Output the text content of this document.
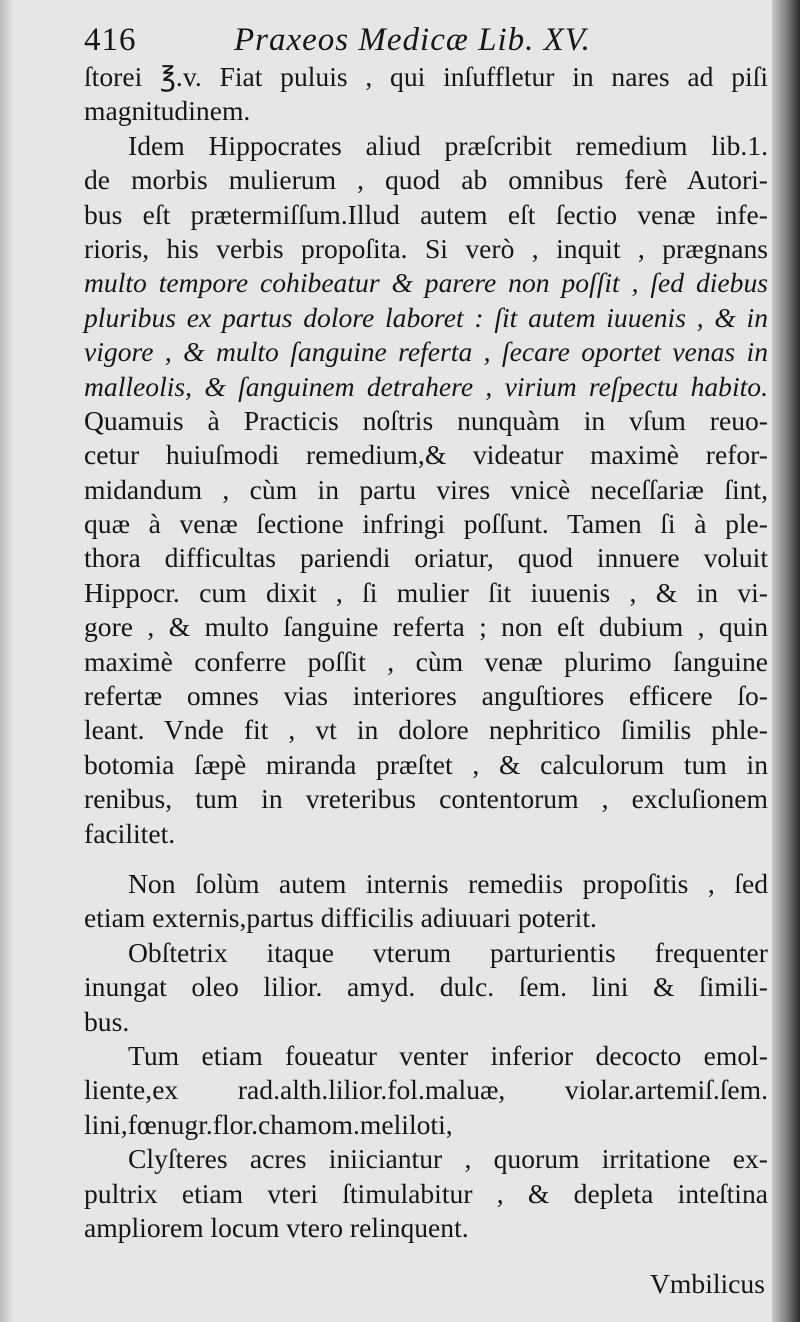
416	Praxeos Medicæ Lib. XV.
ſtorei ℥.v. Fiat puluis , qui inſuffletur in nares ad piſi
magnitudinem.
Idem Hippocrates aliud præſcribit remedium lib.1.
de morbis mulierum , quod ab omnibus ferè Autori-
bus eſt prætermiſſum.Illud autem eſt ſectio venæ infe-
rioris, his verbis propoſita. Si verò , inquit , prægnans
multo tempore cohibeatur & parere non poſſit , ſed diebus
pluribus ex partus dolore laboret : ſit autem iuuenis , & in
vigore , & multo ſanguine referta , ſecare oportet venas in
malleolis, & ſanguinem detrahere , virium reſpectu habito.
Quamuis à Practicis noſtris nunquàm in vſum reuo-
cetur huiuſmodi remedium,& videatur maximè refor-
midandum , cùm in partu vires vnicè neceſſariæ ſint,
quæ à venæ ſectione infringi poſſunt. Tamen ſi à ple-
thora difficultas pariendi oriatur, quod innuere voluit
Hippocr. cum dixit , ſi mulier ſit iuuenis , & in vi-
gore , & multo ſanguine referta ; non eſt dubium , quin
maximè conferre poſſit , cùm venæ plurimo ſanguine
refertæ omnes vias interiores anguſtiores efficere ſo-
leant. Vnde fit , vt in dolore nephritico ſimilis phle-
botomia ſæpè miranda præſtet , & calculorum tum in
renibus, tum in vreteribus contentorum , excluſionem
facilitet.
Non ſolùm autem internis remediis propoſitis , ſed
etiam externis,partus difficilis adiuuari poterit.
Obſtetrix itaque vterum parturientis frequenter
inungat oleo lilior. amyd. dulc. ſem. lini & ſimili-
bus.
Tum etiam foueatur venter inferior decocto emol-
liente,ex rad.alth.lilior.fol.maluæ, violar.artemiſ.ſem.
lini,fœnugr.flor.chamom.meliloti,
Clyſteres acres iniiciantur , quorum irritatione ex-
pultrix etiam vteri ſtimulabitur , & depleta inteſtina
ampliorem locum vtero relinquent.
Vmbilicus
